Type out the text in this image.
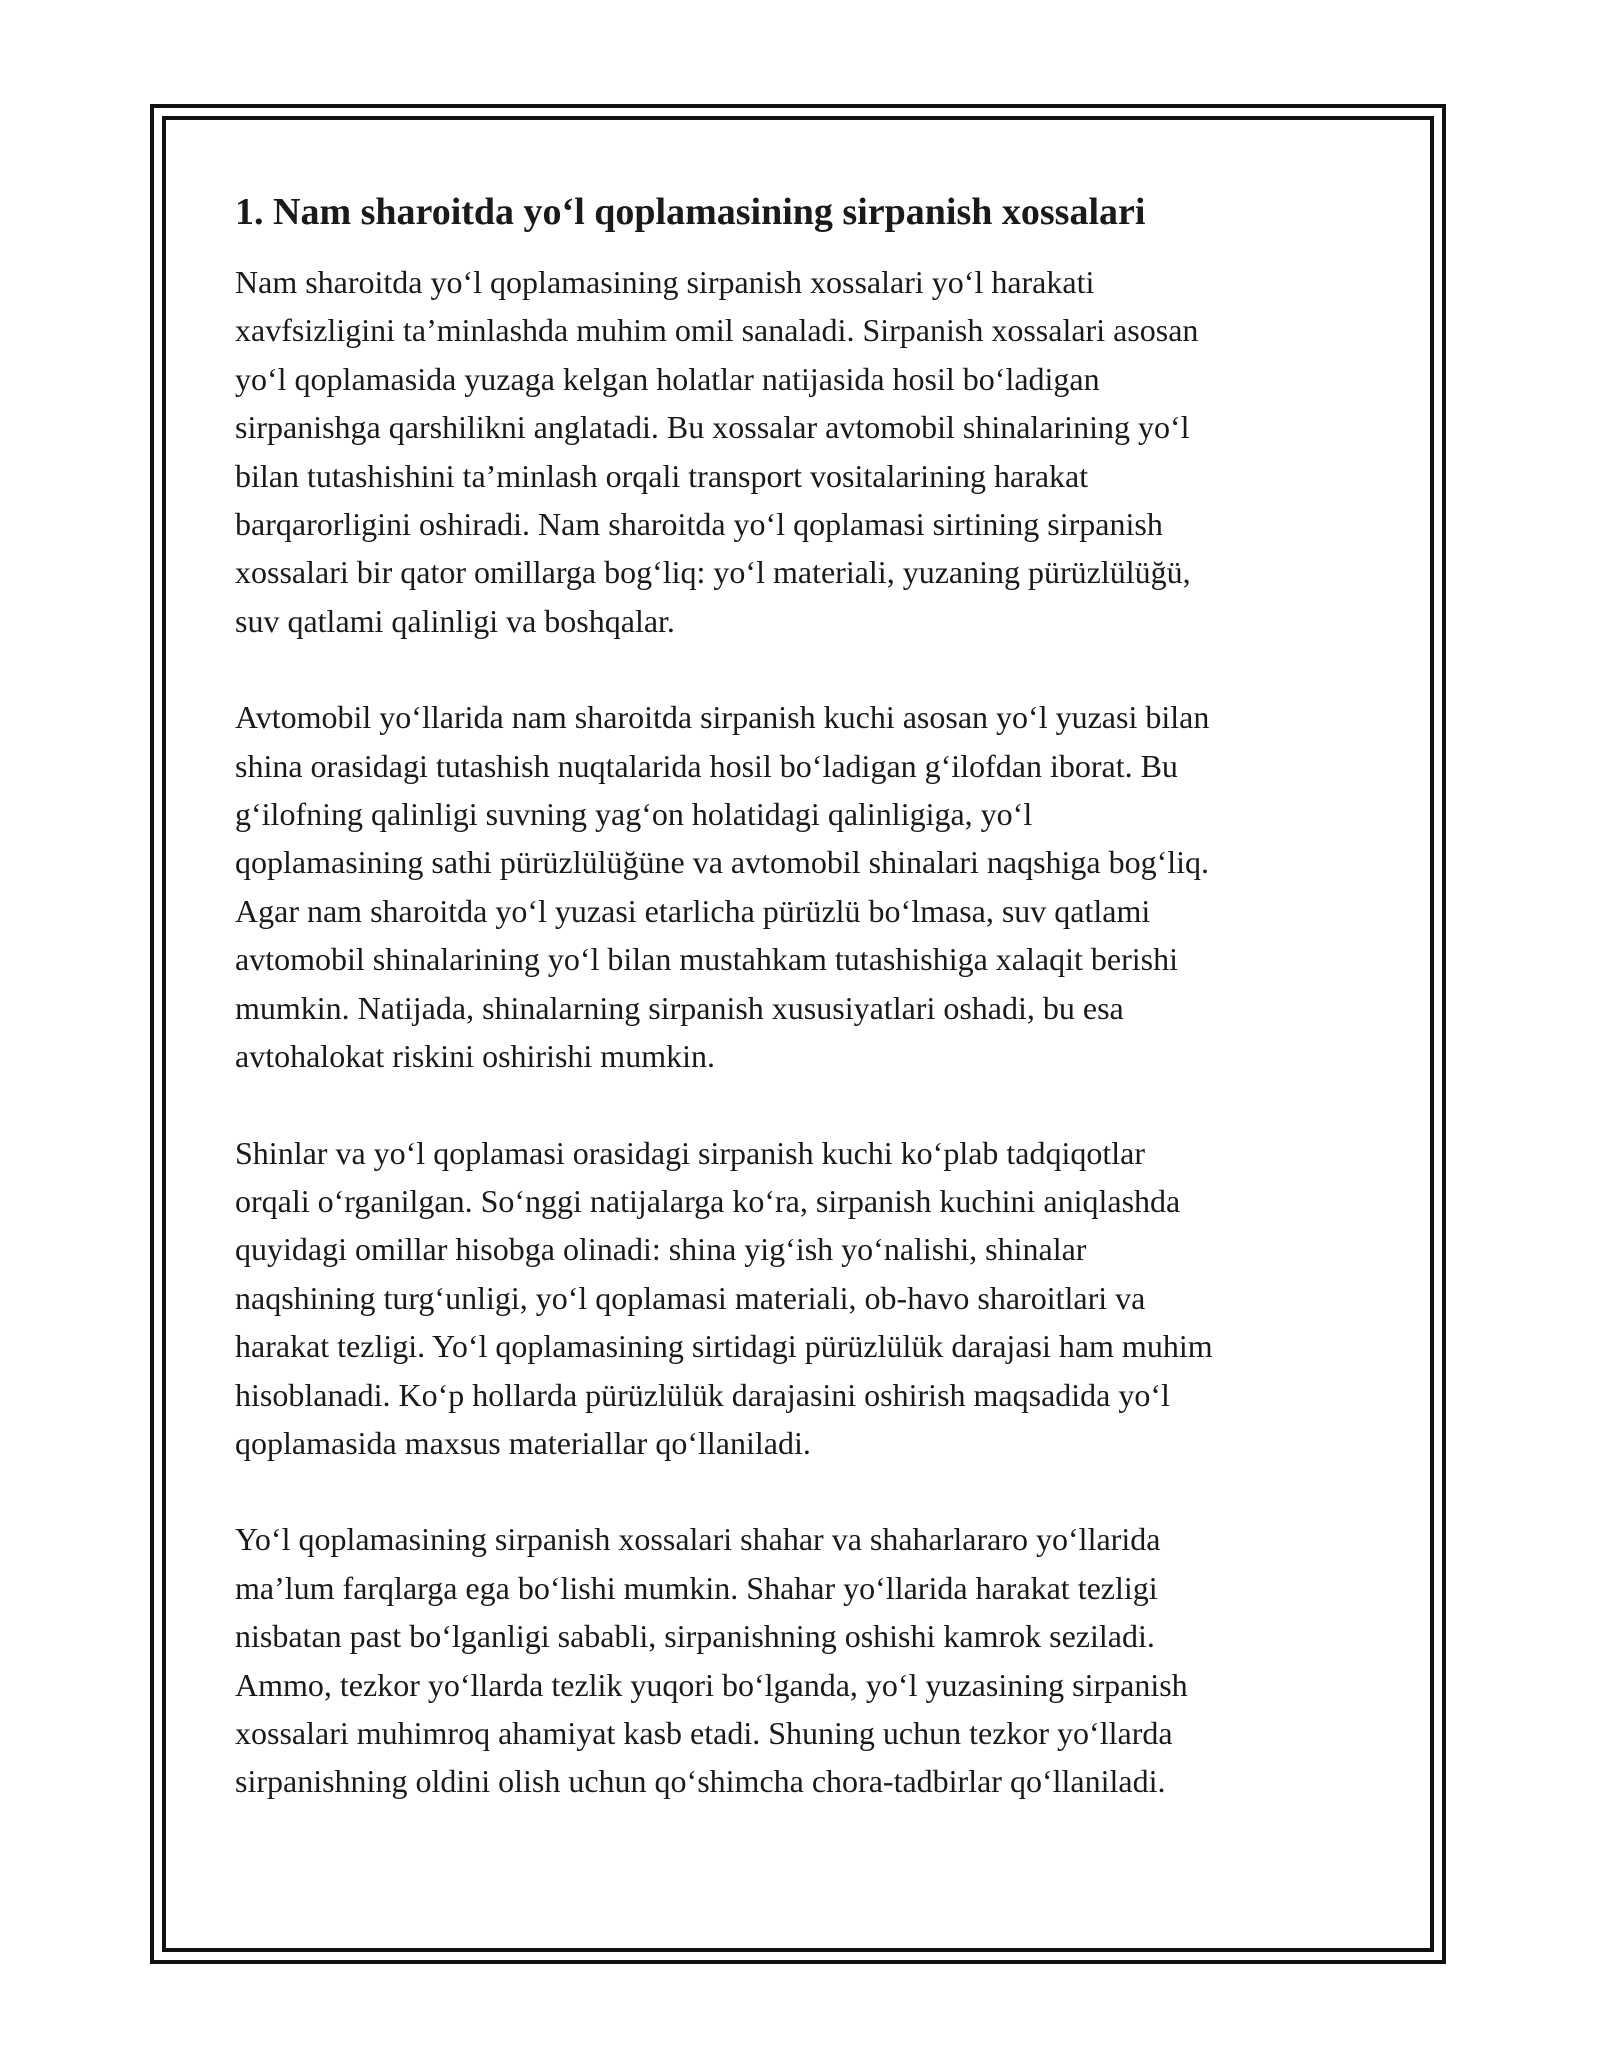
1. Nam sharoitda yo‘l qoplamasining sirpanish xossalari

Nam sharoitda yo‘l qoplamasining sirpanish xossalari yo‘l harakati
xavfsizligini ta’minlashda muhim omil sanaladi. Sirpanish xossalari asosan
yo‘l qoplamasida yuzaga kelgan holatlar natijasida hosil bo‘ladigan
sirpanishga qarshilikni anglatadi. Bu xossalar avtomobil shinalarining yo‘l
bilan tutashishini ta’minlash orqali transport vositalarining harakat
barqarorligini oshiradi. Nam sharoitda yo‘l qoplamasi sirtining sirpanish
xossalari bir qator omillarga bog‘liq: yo‘l materiali, yuzaning pürüzlülüğü,
suv qatlami qalinligi va boshqalar.

Avtomobil yo‘llarida nam sharoitda sirpanish kuchi asosan yo‘l yuzasi bilan
shina orasidagi tutashish nuqtalarida hosil bo‘ladigan g‘ilofdan iborat. Bu
g‘ilofning qalinligi suvning yag‘on holatidagi qalinligiga, yo‘l
qoplamasining sathi pürüzlülüğüne va avtomobil shinalari naqshiga bog‘liq.
Agar nam sharoitda yo‘l yuzasi etarlicha pürüzlü bo‘lmasa, suv qatlami
avtomobil shinalarining yo‘l bilan mustahkam tutashishiga xalaqit berishi
mumkin. Natijada, shinalarning sirpanish xususiyatlari oshadi, bu esa
avtohalokat riskini oshirishi mumkin.

Shinlar va yo‘l qoplamasi orasidagi sirpanish kuchi ko‘plab tadqiqotlar
orqali o‘rganilgan. So‘nggi natijalarga ko‘ra, sirpanish kuchini aniqlashda
quyidagi omillar hisobga olinadi: shina yig‘ish yo‘nalishi, shinalar
naqshining turg‘unligi, yo‘l qoplamasi materiali, ob-havo sharoitlari va
harakat tezligi. Yo‘l qoplamasining sirtidagi pürüzlülük darajasi ham muhim
hisoblanadi. Ko‘p hollarda pürüzlülük darajasini oshirish maqsadida yo‘l
qoplamasida maxsus materiallar qo‘llaniladi.

Yo‘l qoplamasining sirpanish xossalari shahar va shaharlararo yo‘llarida
ma’lum farqlarga ega bo‘lishi mumkin. Shahar yo‘llarida harakat tezligi
nisbatan past bo‘lganligi sababli, sirpanishning oshishi kamrok seziladi.
Ammo, tezkor yo‘llarda tezlik yuqori bo‘lganda, yo‘l yuzasining sirpanish
xossalari muhimroq ahamiyat kasb etadi. Shuning uchun tezkor yo‘llarda
sirpanishning oldini olish uchun qo‘shimcha chora-tadbirlar qo‘llaniladi.
